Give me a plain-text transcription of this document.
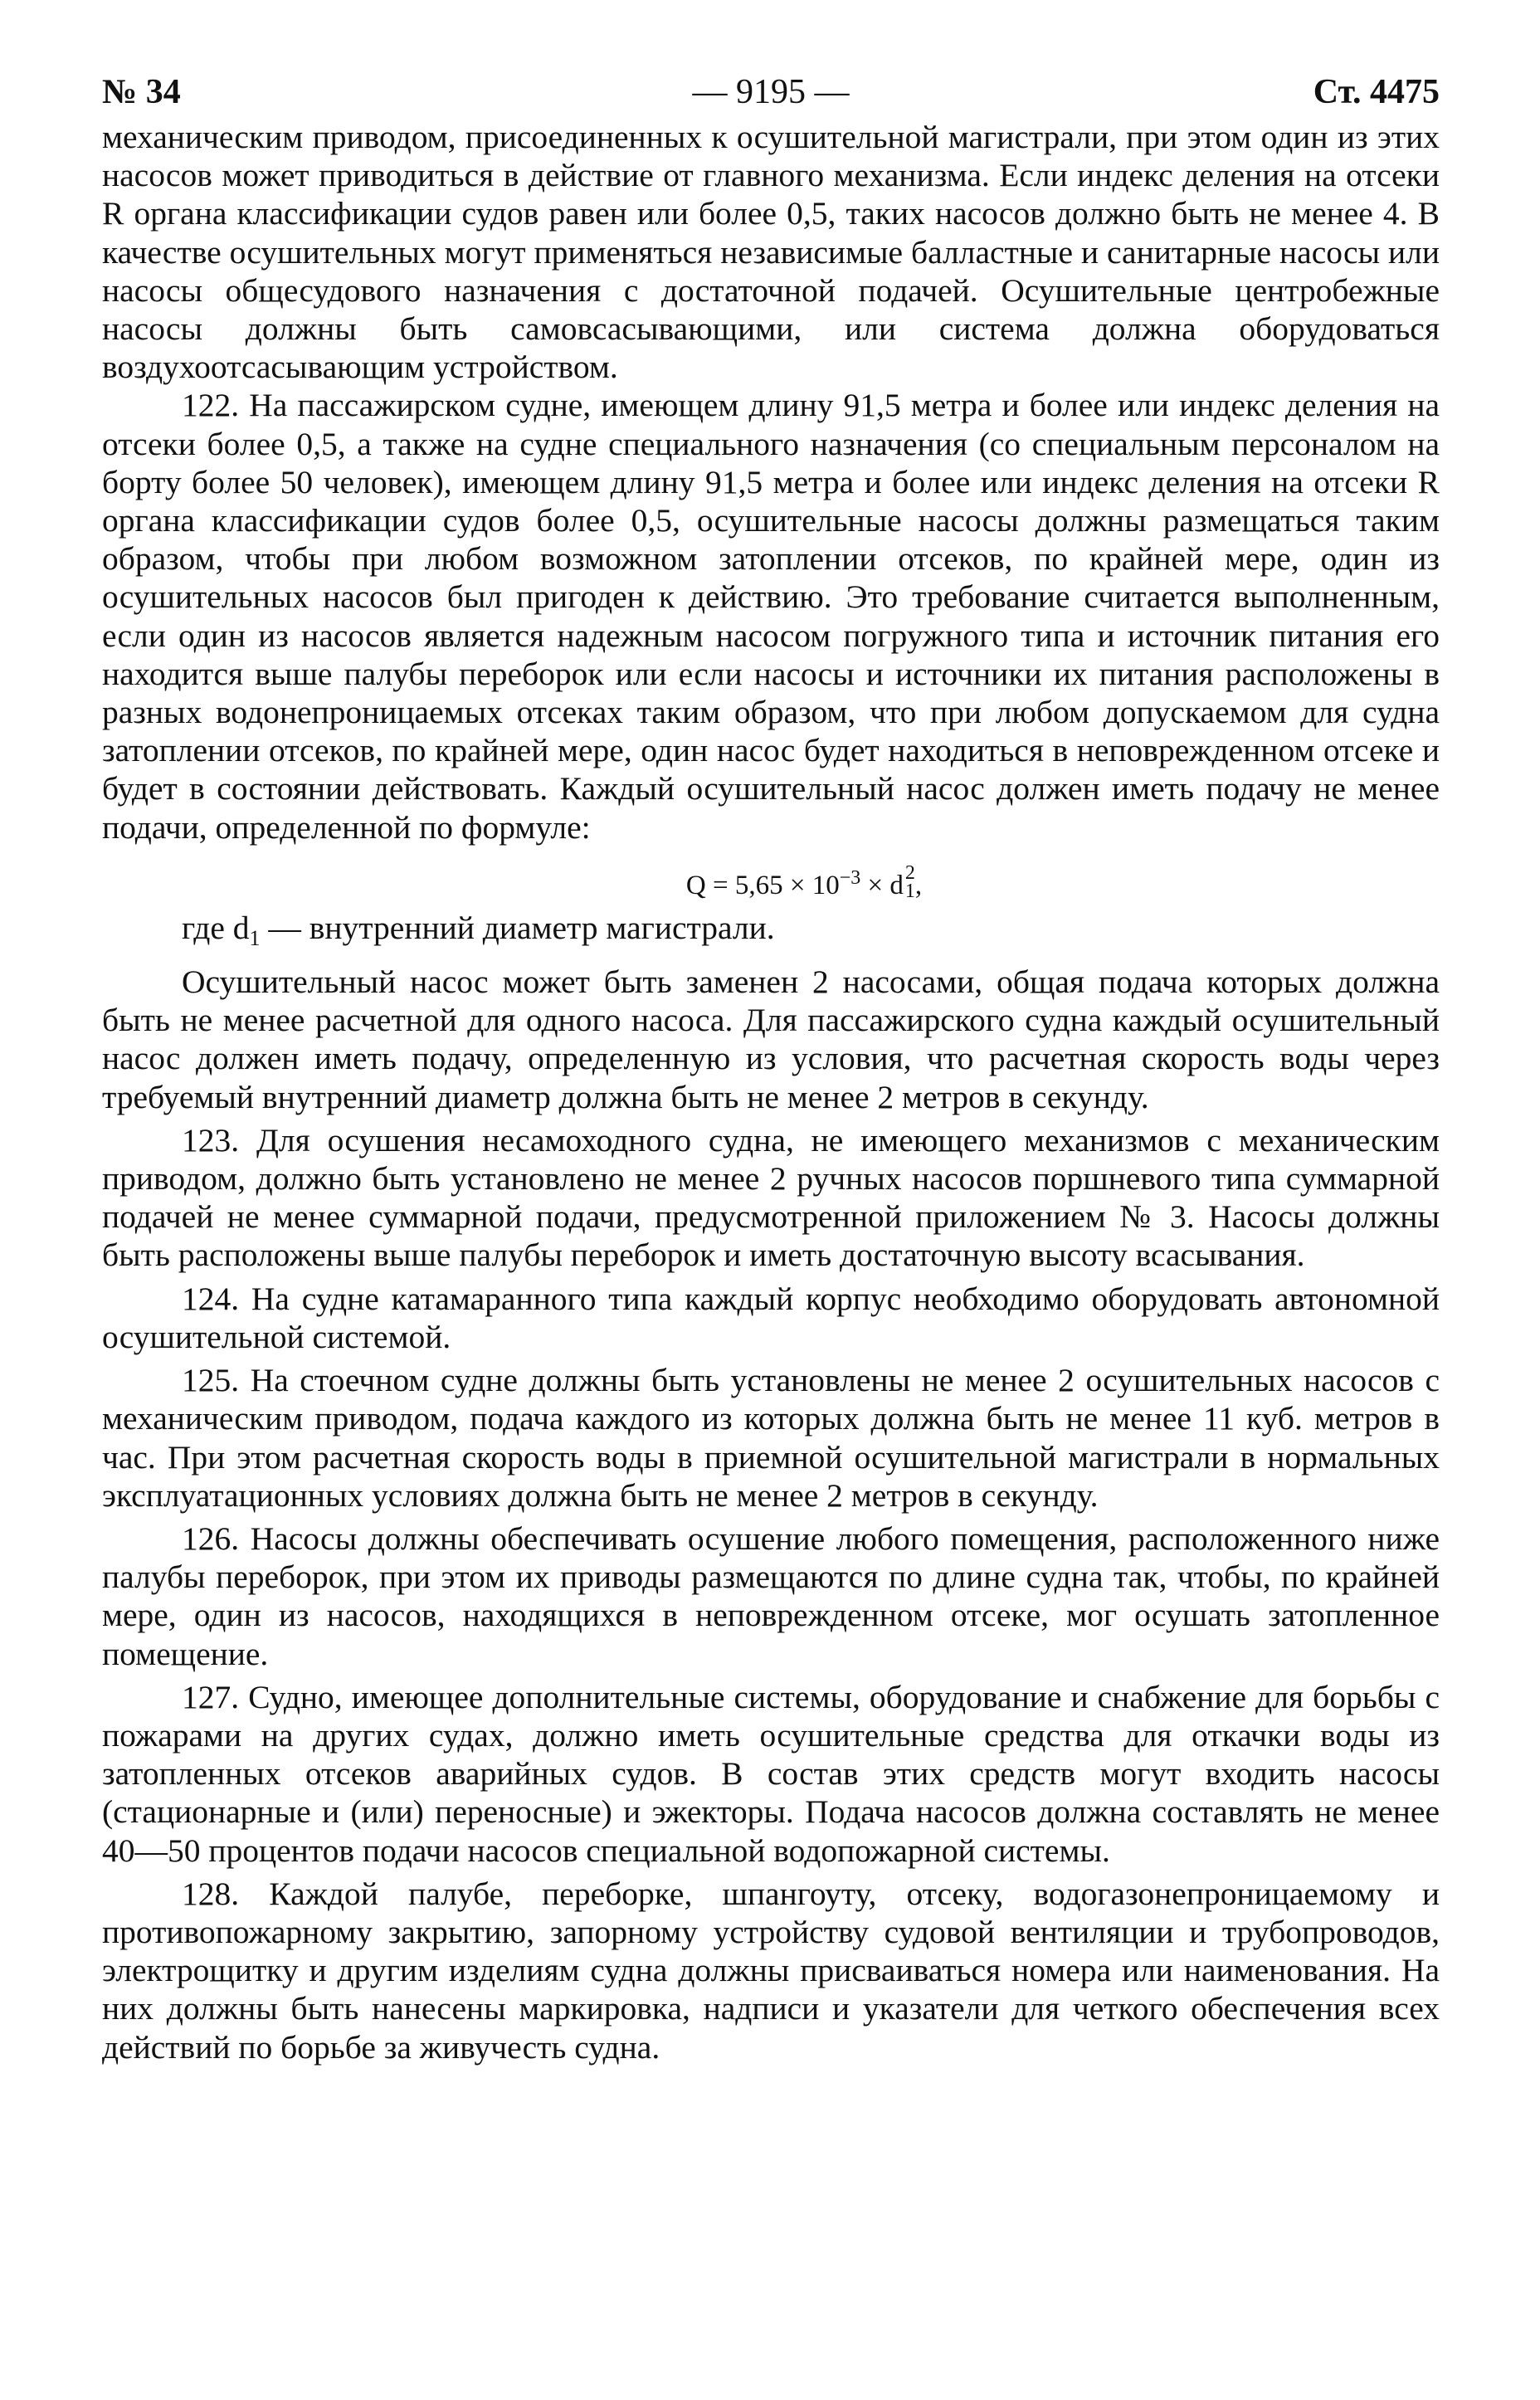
№ 34	— 9195 —	Ст. 4475

механическим приводом, присоединенных к осушительной магистрали, при этом один из этих насосов может приводиться в действие от главного механизма. Если индекс деления на отсеки R органа классификации судов равен или более 0,5, таких насосов должно быть не менее 4. В качестве осушительных могут применяться независимые балластные и санитарные насосы или насосы общесудового назначения с достаточной подачей. Осушительные центробежные насосы должны быть самовсасывающими, или система должна оборудоваться воздухоотсасывающим устройством.

122. На пассажирском судне, имеющем длину 91,5 метра и более или индекс деления на отсеки более 0,5, а также на судне специального назначения (со специальным персоналом на борту более 50 человек), имеющем длину 91,5 метра и более или индекс деления на отсеки R органа классификации судов более 0,5, осушительные насосы должны размещаться таким образом, чтобы при любом возможном затоплении отсеков, по крайней мере, один из осушительных насосов был пригоден к действию. Это требование считается выполненным, если один из насосов является надежным насосом погружного типа и источник питания его находится выше палубы переборок или если насосы и источники их питания расположены в разных водонепроницаемых отсеках таким образом, что при любом допускаемом для судна затоплении отсеков, по крайней мере, один насос будет находиться в неповрежденном отсеке и будет в состоянии действовать. Каждый осушительный насос должен иметь подачу не менее подачи, определенной по формуле:

$Q = 5,65 \times 10^{-3} \times d$ 2
1 ,

где $d_1$ — внутренний диаметр магистрали.

Осушительный насос может быть заменен 2 насосами, общая подача которых должна быть не менее расчетной для одного насоса. Для пассажирского судна каждый осушительный насос должен иметь подачу, определенную из условия, что расчетная скорость воды через требуемый внутренний диаметр должна быть не менее 2 метров в секунду.

123. Для осушения несамоходного судна, не имеющего механизмов с механическим приводом, должно быть установлено не менее 2 ручных насосов поршневого типа суммарной подачей не менее суммарной подачи, предусмотренной приложением № 3. Насосы должны быть расположены выше палубы переборок и иметь достаточную высоту всасывания.

124. На судне катамаранного типа каждый корпус необходимо оборудовать автономной осушительной системой.

125. На стоечном судне должны быть установлены не менее 2 осушительных насосов с механическим приводом, подача каждого из которых должна быть не менее 11 куб. метров в час. При этом расчетная скорость воды в приемной осушительной магистрали в нормальных эксплуатационных условиях должна быть не менее 2 метров в секунду.

126. Насосы должны обеспечивать осушение любого помещения, расположенного ниже палубы переборок, при этом их приводы размещаются по длине судна так, чтобы, по крайней мере, один из насосов, находящихся в неповрежденном отсеке, мог осушать затопленное помещение.

127. Судно, имеющее дополнительные системы, оборудование и снабжение для борьбы с пожарами на других судах, должно иметь осушительные средства для откачки воды из затопленных отсеков аварийных судов. В состав этих средств могут входить насосы (стационарные и (или) переносные) и эжекторы. Подача насосов должна составлять не менее 40—50 процентов подачи насосов специальной водопожарной системы.

128. Каждой палубе, переборке, шпангоуту, отсеку, водогазонепроницаемому и противопожарному закрытию, запорному устройству судовой вентиляции и трубопроводов, электрощитку и другим изделиям судна должны присваиваться номера или наименования. На них должны быть нанесены маркировка, надписи и указатели для четкого обеспечения всех действий по борьбе за живучесть судна.
